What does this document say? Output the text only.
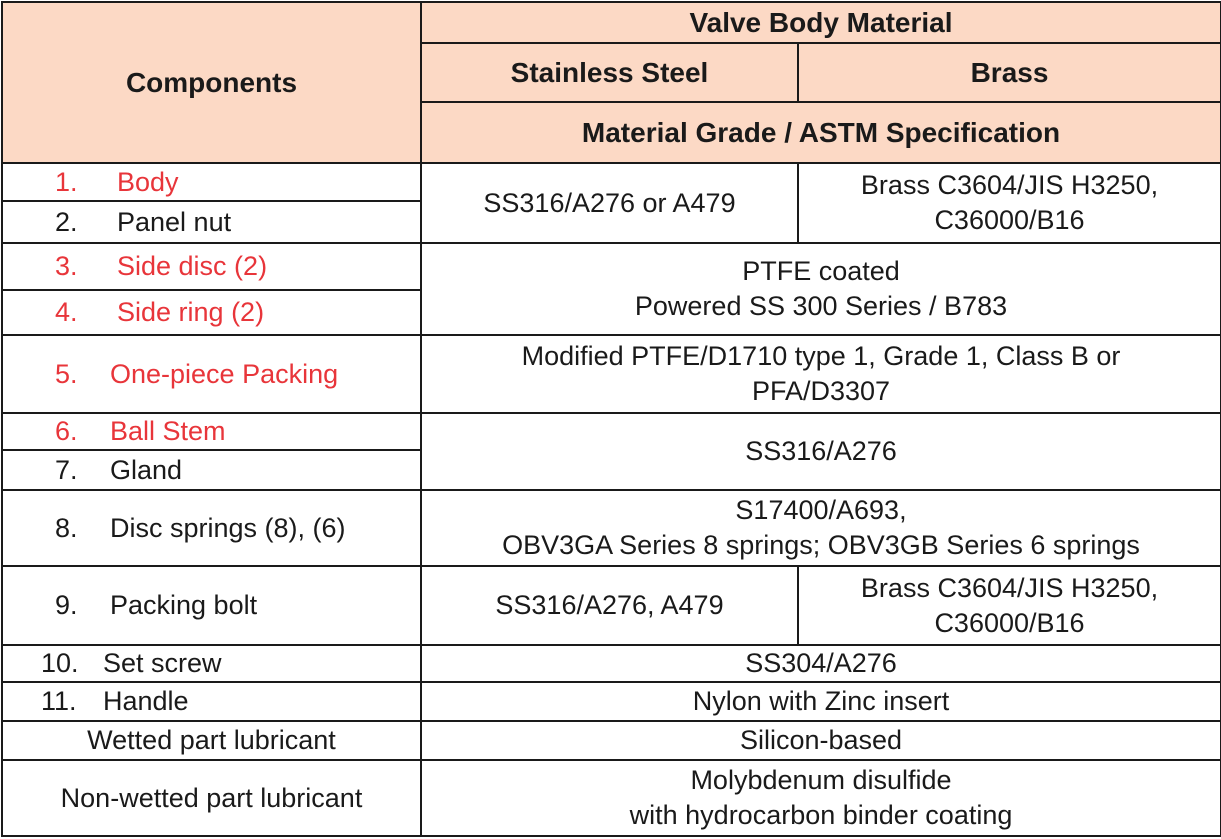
Components	Valve Body Material	
	Stainless Steel	Brass
	Material Grade / ASTM Specification	
1. Body	SS316/A276 or A479	Brass C3604/JIS H3250,
C36000/B16
2. Panel nut		
3. Side disc (2)	PTFE coated
Powered SS 300 Series / B783	
4. Side ring (2)		
5. One-piece Packing	Modified PTFE/D1710 type 1, Grade 1, Class B or
PFA/D3307	
6. Ball Stem	SS316/A276	
7. Gland		
8. Disc springs (8), (6)	S17400/A693,
OBV3GA Series 8 springs; OBV3GB Series 6 springs	
9. Packing bolt	SS316/A276, A479	Brass C3604/JIS H3250,
C36000/B16
10. Set screw	SS304/A276	
11. Handle	Nylon with Zinc insert	
Wetted part lubricant	Silicon-based	
Non-wetted part lubricant	Molybdenum disulfide
with hydrocarbon binder coating	
